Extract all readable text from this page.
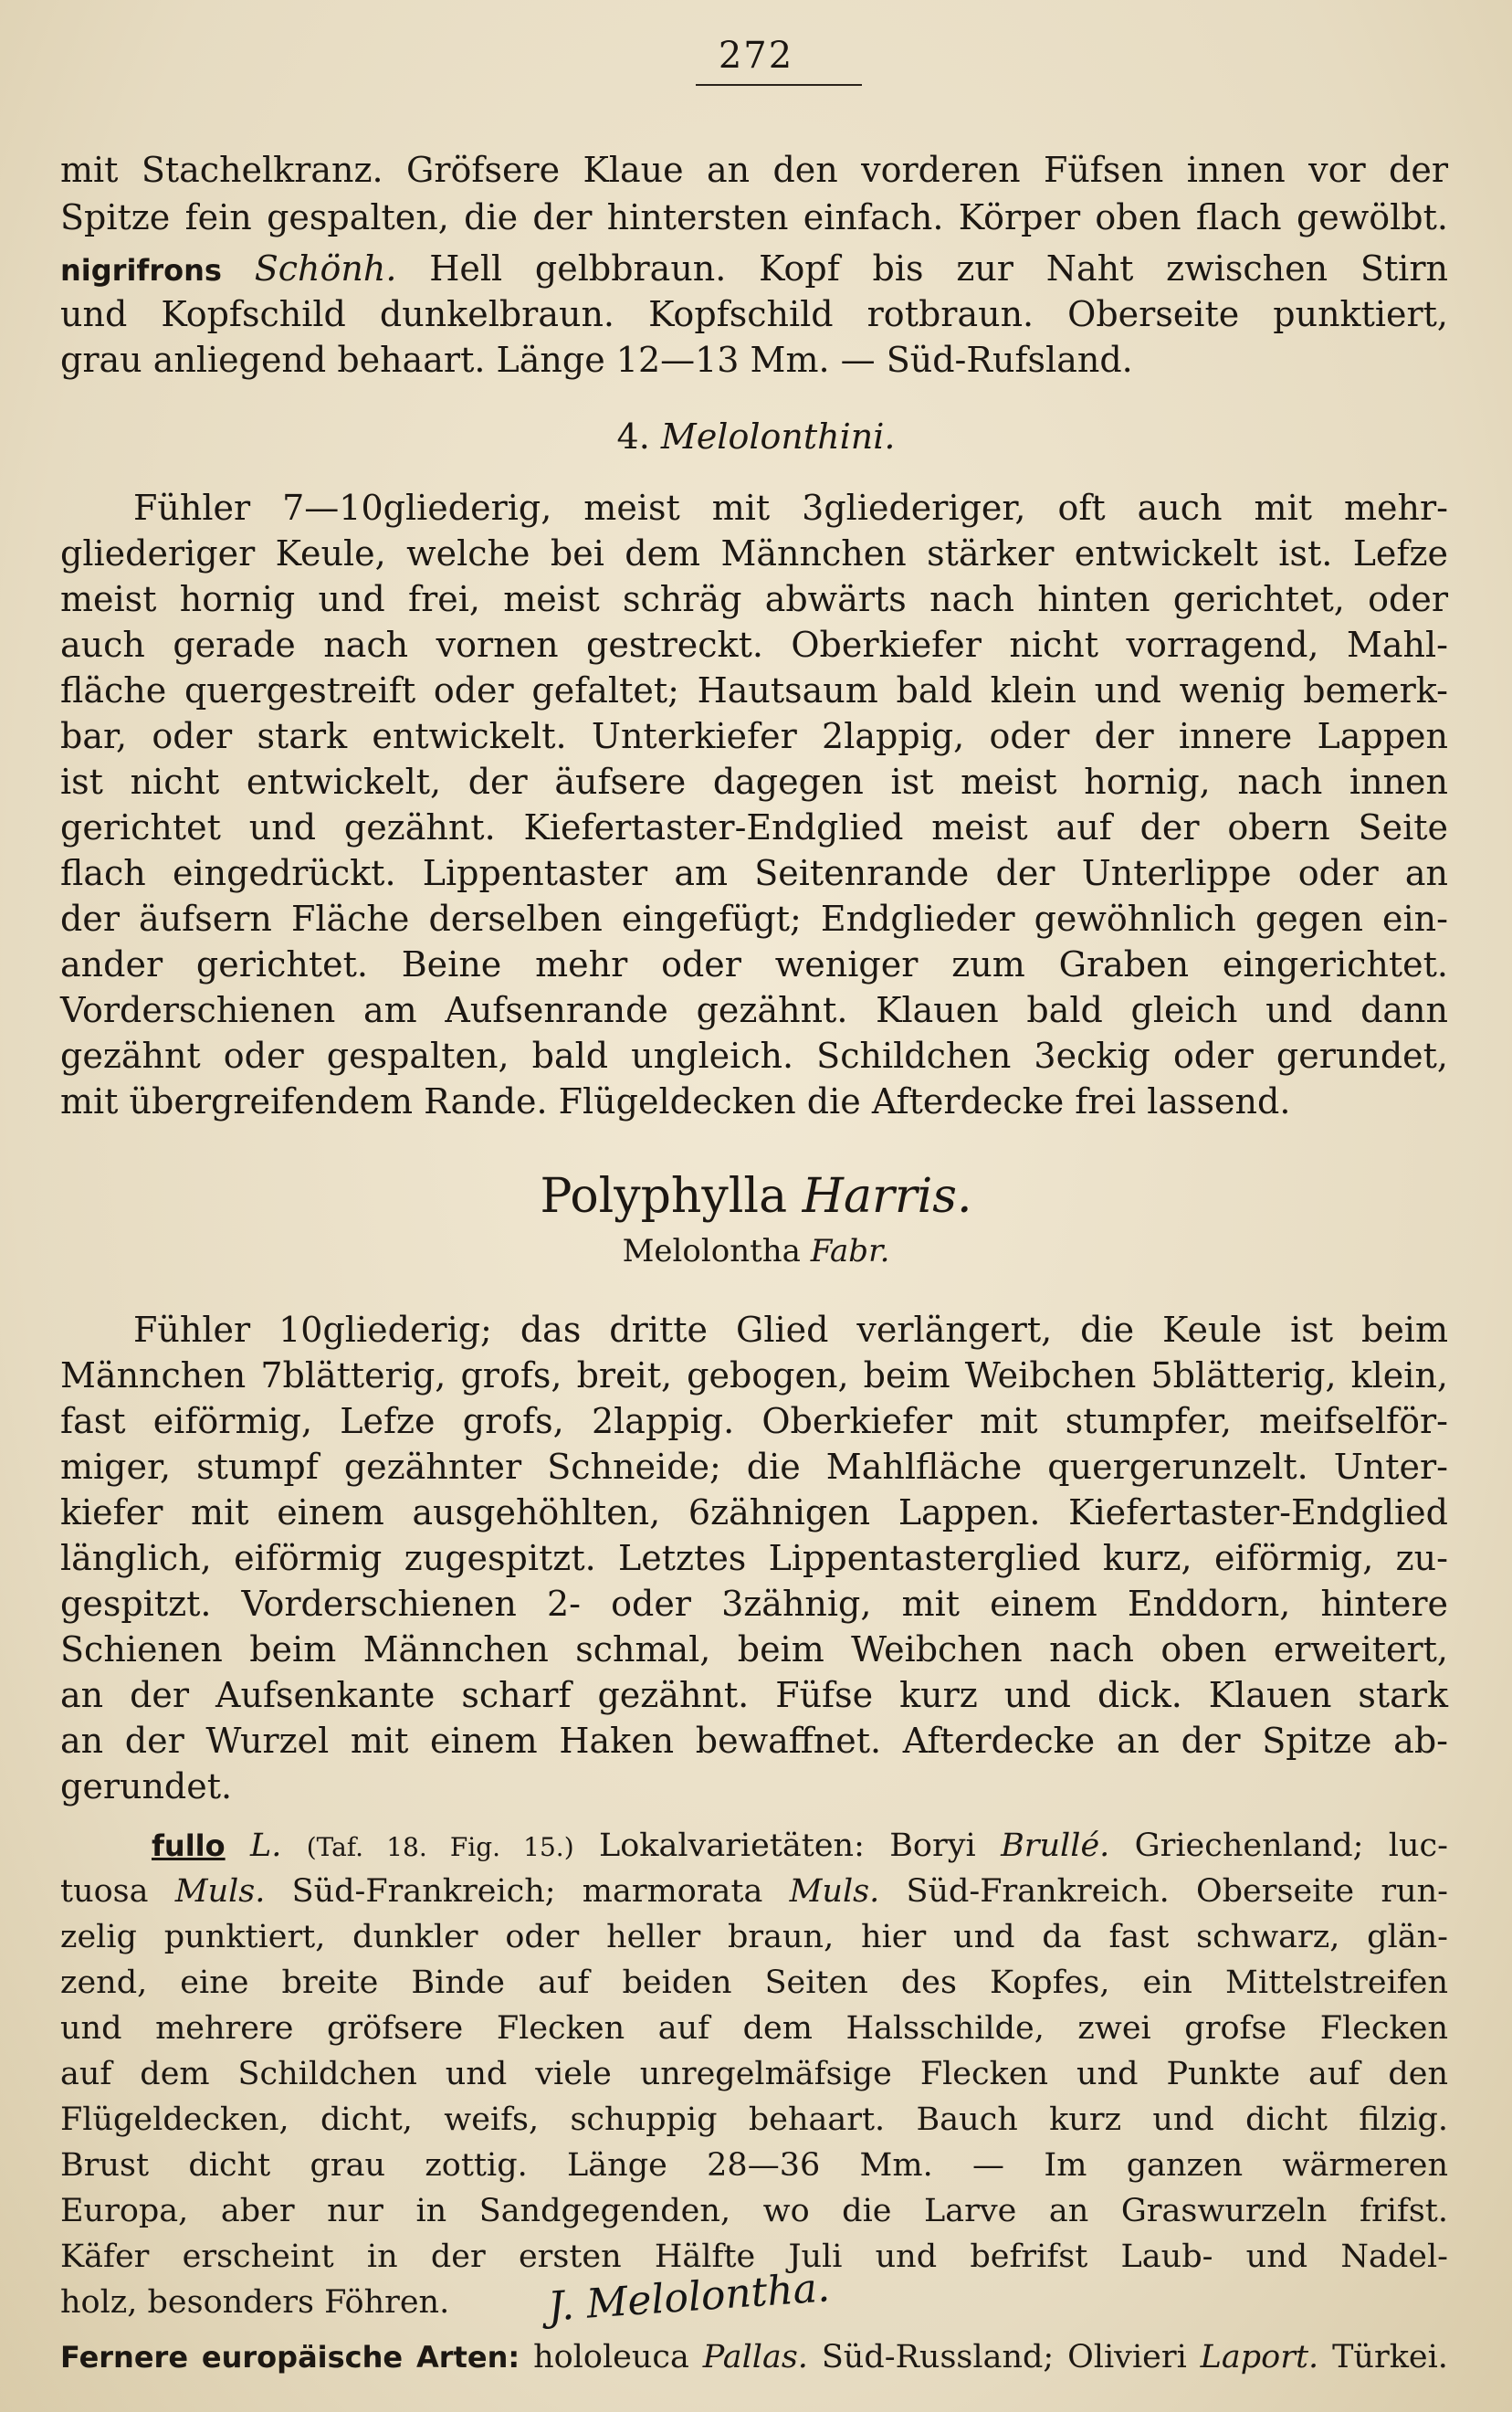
272
mit Stachelkranz. Gröfsere Klaue an den vorderen Füfsen innen vor der
Spitze fein gespalten, die der hintersten einfach. Körper oben flach gewölbt.
nigrifrons Schönh. Hell gelbbraun. Kopf bis zur Naht zwischen Stirn
und Kopfschild dunkelbraun. Kopfschild rotbraun. Oberseite punktiert,
grau anliegend behaart. Länge 12—13 Mm. — Süd-Rufsland.
Fühler 7—10gliederig, meist mit 3gliederiger, oft auch mit mehr-
gliederiger Keule, welche bei dem Männchen stärker entwickelt ist. Lefze
meist hornig und frei, meist schräg abwärts nach hinten gerichtet, oder
auch gerade nach vornen gestreckt. Oberkiefer nicht vorragend, Mahl-
fläche quergestreift oder gefaltet; Hautsaum bald klein und wenig bemerk-
bar, oder stark entwickelt. Unterkiefer 2lappig, oder der innere Lappen
ist nicht entwickelt, der äufsere dagegen ist meist hornig, nach innen
gerichtet und gezähnt. Kiefertaster-Endglied meist auf der obern Seite
flach eingedrückt. Lippentaster am Seitenrande der Unterlippe oder an
der äufsern Fläche derselben eingefügt; Endglieder gewöhnlich gegen ein-
ander gerichtet. Beine mehr oder weniger zum Graben eingerichtet.
Vorderschienen am Aufsenrande gezähnt. Klauen bald gleich und dann
gezähnt oder gespalten, bald ungleich. Schildchen 3eckig oder gerundet,
mit übergreifendem Rande. Flügeldecken die Afterdecke frei lassend.
Fühler 10gliederig; das dritte Glied verlängert, die Keule ist beim
Männchen 7blätterig, grofs, breit, gebogen, beim Weibchen 5blätterig, klein,
fast eiförmig, Lefze grofs, 2lappig. Oberkiefer mit stumpfer, meifselför-
miger, stumpf gezähnter Schneide; die Mahlfläche quergerunzelt. Unter-
kiefer mit einem ausgehöhlten, 6zähnigen Lappen. Kiefertaster-Endglied
länglich, eiförmig zugespitzt. Letztes Lippentasterglied kurz, eiförmig, zu-
gespitzt. Vorderschienen 2- oder 3zähnig, mit einem Enddorn, hintere
Schienen beim Männchen schmal, beim Weibchen nach oben erweitert,
an der Aufsenkante scharf gezähnt. Füfse kurz und dick. Klauen stark
an der Wurzel mit einem Haken bewaffnet. Afterdecke an der Spitze ab-
gerundet.
fullo L. (Taf. 18. Fig. 15.) Lokalvarietäten: Boryi Brullé. Griechenland; luc-
tuosa Muls. Süd-Frankreich; marmorata Muls. Süd-Frankreich. Oberseite run-
zelig punktiert, dunkler oder heller braun, hier und da fast schwarz, glän-
zend, eine breite Binde auf beiden Seiten des Kopfes, ein Mittelstreifen
und mehrere gröfsere Flecken auf dem Halsschilde, zwei grofse Flecken
auf dem Schildchen und viele unregelmäfsige Flecken und Punkte auf den
Flügeldecken, dicht, weifs, schuppig behaart. Bauch kurz und dicht filzig.
Brust dicht grau zottig. Länge 28—36 Mm. — Im ganzen wärmeren
Europa, aber nur in Sandgegenden, wo die Larve an Graswurzeln frifst.
Käfer erscheint in der ersten Hälfte Juli und befrifst Laub- und Nadel-
holz, besonders Föhren.
Fernere europäische Arten: hololeuca Pallas. Süd-Russland; Olivieri Laport. Türkei.
4. Melolonthini.
Polyphylla Harris.
Melolontha Fabr.
J. Melolontha.
